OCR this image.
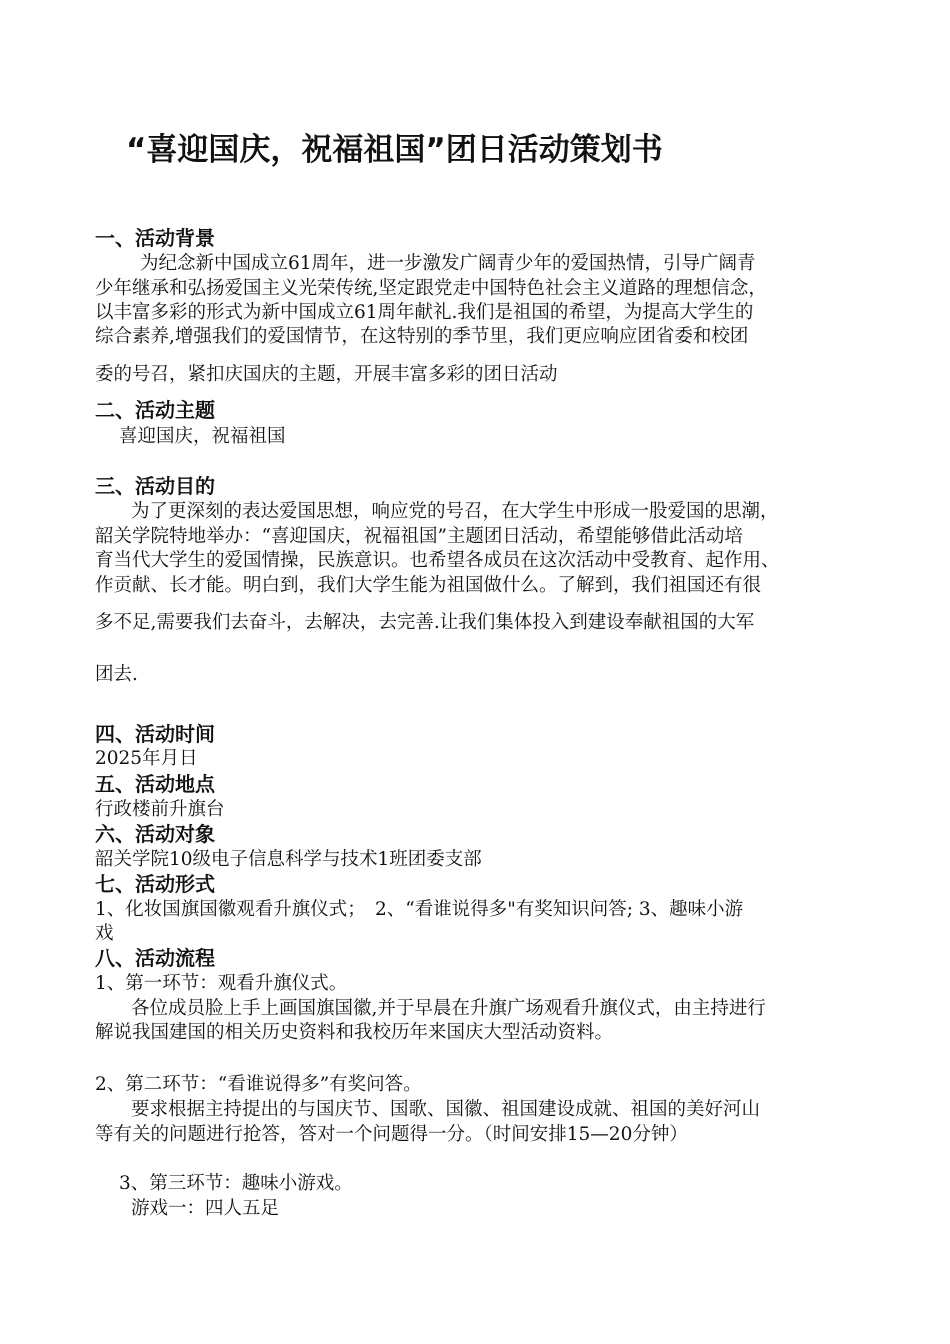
“喜迎国庆，祝福祖国”团日活动策划书
一、活动背景
为纪念新中国成立61周年，进一步激发广阔青少年的爱国热情，引导广阔青
少年继承和弘扬爱国主义光荣传统,坚定跟党走中国特色社会主义道路的理想信念，
以丰富多彩的形式为新中国成立61周年献礼.我们是祖国的希望，为提高大学生的
综合素养,增强我们的爱国情节，在这特别的季节里，我们更应响应团省委和校团
委的号召，紧扣庆国庆的主题，开展丰富多彩的团日活动
二、活动主题
喜迎国庆，祝福祖国
三、活动目的
为了更深刻的表达爱国思想，响应党的号召，在大学生中形成一股爱国的思潮，
韶关学院特地举办：“喜迎国庆，祝福祖国”主题团日活动，希望能够借此活动培
育当代大学生的爱国情操，民族意识。也希望各成员在这次活动中受教育、起作用、
作贡献、长才能。明白到，我们大学生能为祖国做什么。了解到，我们祖国还有很
多不足,需要我们去奋斗，去解决，去完善.让我们集体投入到建设奉献祖国的大军
团去.
四、活动时间
2025年月日
五、活动地点
行政楼前升旗台
六、活动对象
韶关学院10级电子信息科学与技术1班团委支部
七、活动形式
1、化妆国旗国徽观看升旗仪式；　2、“看谁说得多"有奖知识问答; 3、趣味小游
戏
八、活动流程
1、第一环节：观看升旗仪式。
各位成员脸上手上画国旗国徽,并于早晨在升旗广场观看升旗仪式，由主持进行
解说我国建国的相关历史资料和我校历年来国庆大型活动资料。
2、第二环节：“看谁说得多”有奖问答。
要求根据主持提出的与国庆节、国歌、国徽、祖国建设成就、祖国的美好河山
等有关的问题进行抢答，答对一个问题得一分。（时间安排15—20分钟）
3、第三环节：趣味小游戏。
游戏一：四人五足
